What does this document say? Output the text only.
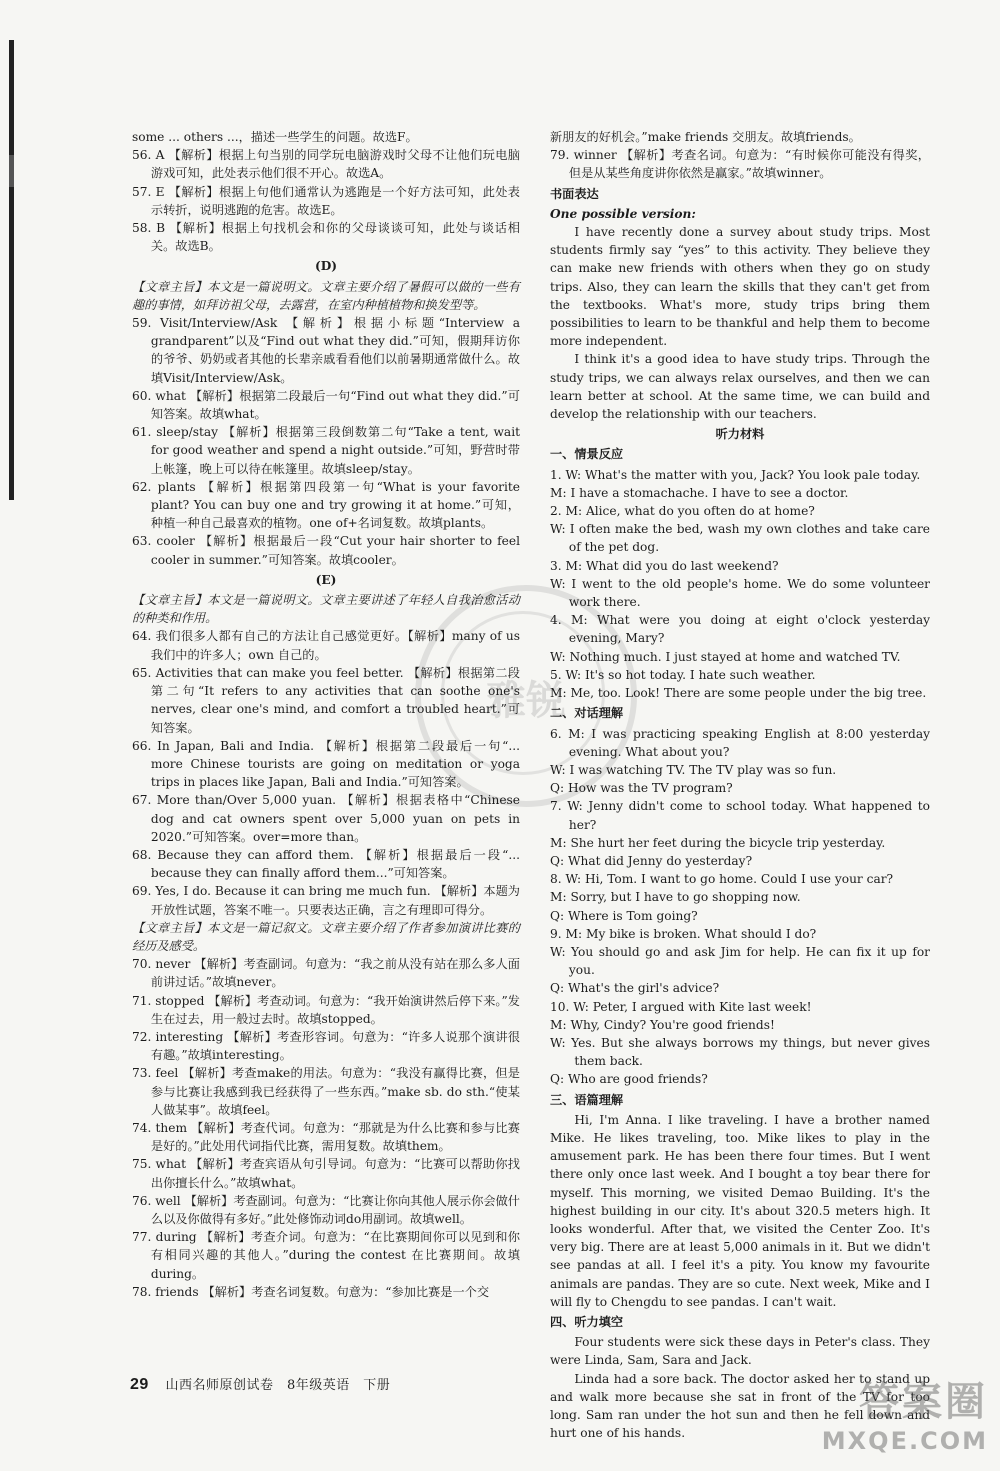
雅锐

some ... others ...，描述一些学生的问题。故选F。

56. A 【解析】根据上句当别的同学玩电脑游戏时父母不让他们玩电脑游戏可知，此处表示他们很不开心。故选A。

57. E 【解析】根据上句他们通常认为逃跑是一个好方法可知，此处表示转折，说明逃跑的危害。故选E。

58. B 【解析】根据上句找机会和你的父母谈谈可知，此处与谈话相关。故选B。

(D)

【文章主旨】本文是一篇说明文。文章主要介绍了暑假可以做的一些有趣的事情，如拜访祖父母，去露营，在室内种植植物和换发型等。

59. Visit/Interview/Ask 【解析】根据小标题“Interview a grandparent”以及“Find out what they did.”可知，假期拜访你的爷爷、奶奶或者其他的长辈亲戚看看他们以前暑期通常做什么。故填Visit/Interview/Ask。

60. what 【解析】根据第二段最后一句“Find out what they did.”可知答案。故填what。

61. sleep/stay 【解析】根据第三段倒数第二句“Take a tent, wait for good weather and spend a night outside.”可知，野营时带上帐篷，晚上可以待在帐篷里。故填sleep/stay。

62. plants 【解析】根据第四段第一句“What is your favorite plant? You can buy one and try growing it at home.”可知，种植一种自己最喜欢的植物。one of+名词复数。故填plants。

63. cooler 【解析】根据最后一段“Cut your hair shorter to feel cooler in summer.”可知答案。故填cooler。

(E)

【文章主旨】本文是一篇说明文。文章主要讲述了年轻人自我治愈活动的种类和作用。

64. 我们很多人都有自己的方法让自己感觉更好。【解析】many of us 我们中的许多人；own 自己的。

65. Activities that can make you feel better. 【解析】根据第二段第二句“It refers to any activities that can soothe one's nerves, clear one's mind, and comfort a troubled heart.”可知答案。

66. In Japan, Bali and India. 【解析】根据第二段最后一句“... more Chinese tourists are going on meditation or yoga trips in places like Japan, Bali and India.”可知答案。

67. More than/Over 5,000 yuan. 【解析】根据表格中“Chinese dog and cat owners spent over 5,000 yuan on pets in 2020.”可知答案。over=more than。

68. Because they can afford them. 【解析】根据最后一段“... because they can finally afford them...”可知答案。

69. Yes, I do. Because it can bring me much fun. 【解析】本题为开放性试题，答案不唯一。只要表达正确，言之有理即可得分。

【文章主旨】本文是一篇记叙文。文章主要介绍了作者参加演讲比赛的经历及感受。

70. never 【解析】考查副词。句意为：“我之前从没有站在那么多人面前讲过话。”故填never。

71. stopped 【解析】考查动词。句意为：“我开始演讲然后停下来。”发生在过去，用一般过去时。故填stopped。

72. interesting 【解析】考查形容词。句意为：“许多人说那个演讲很有趣。”故填interesting。

73. feel 【解析】考查make的用法。句意为：“我没有赢得比赛，但是参与比赛让我感到我已经获得了一些东西。”make sb. do sth.“使某人做某事”。故填feel。

74. them 【解析】考查代词。句意为：“那就是为什么比赛和参与比赛是好的。”此处用代词指代比赛，需用复数。故填them。

75. what 【解析】考查宾语从句引导词。句意为：“比赛可以帮助你找出你擅长什么。”故填what。

76. well 【解析】考查副词。句意为：“比赛让你向其他人展示你会做什么以及你做得有多好。”此处修饰动词do用副词。故填well。

77. during 【解析】考查介词。句意为：“在比赛期间你可以见到和你有相同兴趣的其他人。”during the contest 在比赛期间。故填during。

78. friends 【解析】考查名词复数。句意为：“参加比赛是一个交

新朋友的好机会。”make friends 交朋友。故填friends。

79. winner 【解析】考查名词。句意为：“有时候你可能没有得奖，但是从某些角度讲你依然是赢家。”故填winner。

书面表达

One possible version:

I have recently done a survey about study trips. Most students firmly say “yes” to this activity. They believe they can make new friends with others when they go on study trips. Also, they can learn the skills that they can't get from the textbooks. What's more, study trips bring them possibilities to learn to be thankful and help them to become more independent.

I think it's a good idea to have study trips. Through the study trips, we can always relax ourselves, and then we can learn better at school. At the same time, we can build and develop the relationship with our teachers.

听力材料

一、情景反应

1. W: What's the matter with you, Jack? You look pale today.

M: I have a stomachache. I have to see a doctor.

2. M: Alice, what do you often do at home?

W: I often make the bed, wash my own clothes and take care of the pet dog.

3. M: What did you do last weekend?

W: I went to the old people's home. We do some volunteer work there.

4. M: What were you doing at eight o'clock yesterday evening, Mary?

W: Nothing much. I just stayed at home and watched TV.

5. W: It's so hot today. I hate such weather.

M: Me, too. Look! There are some people under the big tree.

二、对话理解

6. M: I was practicing speaking English at 8:00 yesterday evening. What about you?

W: I was watching TV. The TV play was so fun.

Q: How was the TV program?

7. W: Jenny didn't come to school today. What happened to her?

M: She hurt her feet during the bicycle trip yesterday.

Q: What did Jenny do yesterday?

8. W: Hi, Tom. I want to go home. Could I use your car?

M: Sorry, but I have to go shopping now.

Q: Where is Tom going?

9. M: My bike is broken. What should I do?

W: You should go and ask Jim for help. He can fix it up for you.

Q: What's the girl's advice?

10. W: Peter, I argued with Kite last week!

M: Why, Cindy? You're good friends!

W: Yes. But she always borrows my things, but never gives them back.

Q: Who are good friends?

三、语篇理解

Hi, I'm Anna. I like traveling. I have a brother named Mike. He likes traveling, too. Mike likes to play in the amusement park. He has been there four times. But I went there only once last week. And I bought a toy bear there for myself. This morning, we visited Demao Building. It's the highest building in our city. It's about 320.5 meters high. It looks wonderful. After that, we visited the Center Zoo. It's very big. There are at least 5,000 animals in it. But we didn't see pandas at all. I feel it's a pity. You know my favourite animals are pandas. They are so cute. Next week, Mike and I will fly to Chengdu to see pandas. I can't wait.

四、听力填空

Four students were sick these days in Peter's class. They were Linda, Sam, Sara and Jack.

Linda had a sore back. The doctor asked her to stand up and walk more because she sat in front of the TV for too long. Sam ran under the hot sun and then he fell down and hurt one of his hands.

29 山西名师原创试卷　8年级英语　下册	答案圈
MXQE.COM
